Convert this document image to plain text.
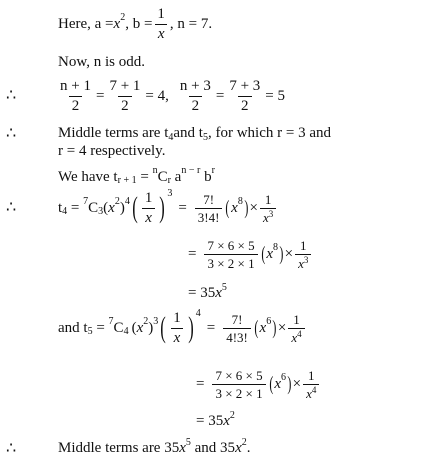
Here, $a = x^2$ , $b = \frac{1}{x}$ , n = 7.
Now, n is odd.
∴	$\frac{n + 1}{2} = \frac{7 + 1}{2} = 4$, $\frac{n + 3}{2} = \frac{7 + 3}{2} = 5$
∴	Middle terms are $t_4$ and $t_5$ , for which r = 3 and
r = 4 respectively.
We have $t_{r + 1} = ^n$ $C_r$ $a^{n - r}$ $b^r$
∴	$t_4 = ^7$ $C_3$ ( $x^2$ )$^4$ ( $\frac{1}{x} )^3$
= $\frac{7!}{3!4!}$ ( $x^8$ ) × $\frac{1}{x^3}$
= $\frac{7 \times 6 \times 5}{3 \times 2 \times 1}$ ( $x^8$ ) × $\frac{1}{x^3}$
= 35 $x^5$
and $t_5 = ^7$ $C_4$ ( $x^2$ )$^3$ ( $\frac{1}{x} )^4$
= $\frac{7!}{4!3!}$ ( $x^6$ ) × $\frac{1}{x^4}$
= $\frac{7 \times 6 \times 5}{3 \times 2 \times 1}$ ( $x^6$ ) × $\frac{1}{x^4}$
= 35 $x^2$
∴	Middle terms are 35 $x^5$ and 35 $x^2$ .
